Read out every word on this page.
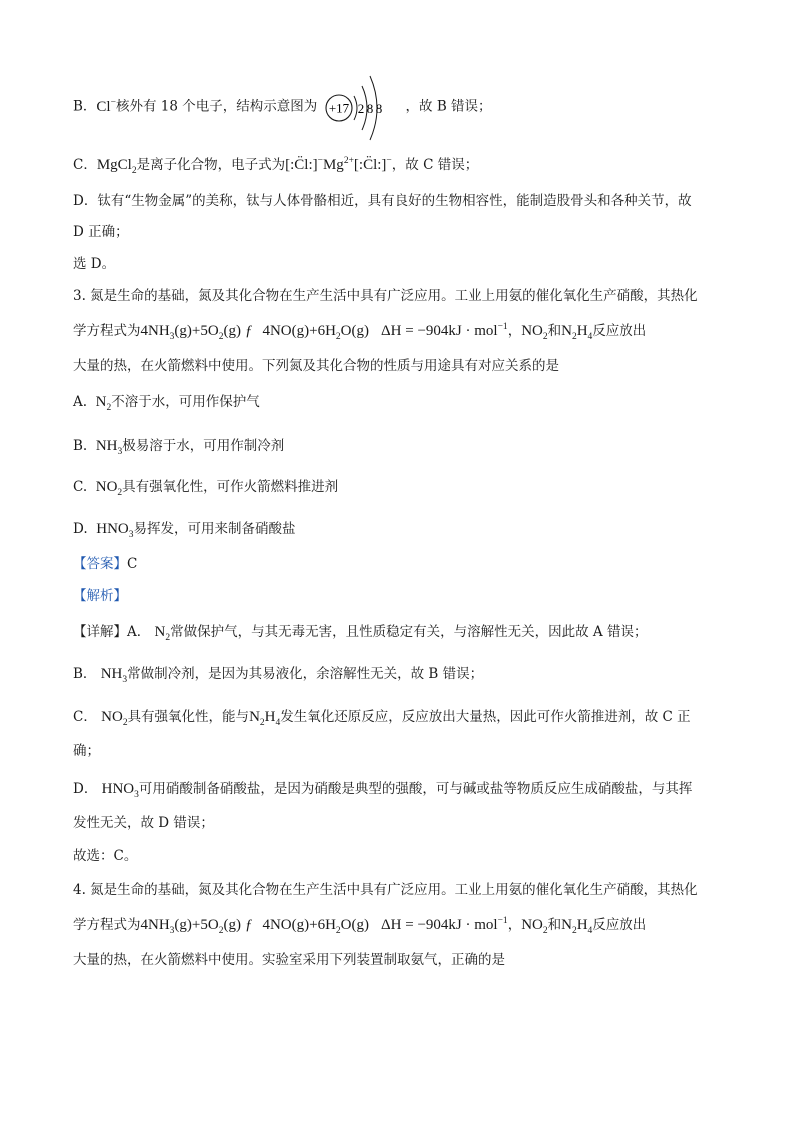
B．Cl−核外有 18 个电子，结构示意图为 +17 2 8 8 ，故 B 错误；
C．MgCl$_2$是离子化合物，电子式为$[:C̈l:]^-Mg^{2+}[:C̈l:]^-$，故 C 错误；
D．钛有“生物金属”的美称，钛与人体骨骼相近，具有良好的生物相容性，能制造股骨头和各种关节，故
D 正确；
选 D。
3. 氮是生命的基础，氮及其化合物在生产生活中具有广泛应用。工业上用氨的催化氧化生产硝酸，其热化
学方程式为$4NH_3(g)+5O_2(g)$ ƒ $4NO(g)+6H_2O(g) \Delta H = -904kJ \cdot mol^{-1}$，$NO_2$和$N_2H_4$反应放出
大量的热，在火箭燃料中使用。下列氮及其化合物的性质与用途具有对应关系的是
A. $N_2$不溶于水，可用作保护气
B. $NH_3$极易溶于水，可用作制冷剂
C. $NO_2$具有强氧化性，可作火箭燃料推进剂
D. $HNO_3$易挥发，可用来制备硝酸盐
【答案】C
【解析】
【详解】A． $N_2$常做保护气，与其无毒无害，且性质稳定有关，与溶解性无关，因此故 A 错误；
B． $NH_3$常做制冷剂，是因为其易液化，余溶解性无关，故 B 错误；
C． $NO_2$具有强氧化性，能与$N_2H_4$发生氧化还原反应，反应放出大量热，因此可作火箭推进剂，故 C 正
确；
D． $HNO_3$可用硝酸制备硝酸盐，是因为硝酸是典型的强酸，可与碱或盐等物质反应生成硝酸盐，与其挥
发性无关，故 D 错误；
故选：C。
4. 氮是生命的基础，氮及其化合物在生产生活中具有广泛应用。工业上用氨的催化氧化生产硝酸，其热化
学方程式为$4NH_3(g)+5O_2(g)$ ƒ $4NO(g)+6H_2O(g) \Delta H = -904kJ \cdot mol^{-1}$，$NO_2$和$N_2H_4$反应放出
大量的热，在火箭燃料中使用。实验室采用下列装置制取氨气，正确的是
